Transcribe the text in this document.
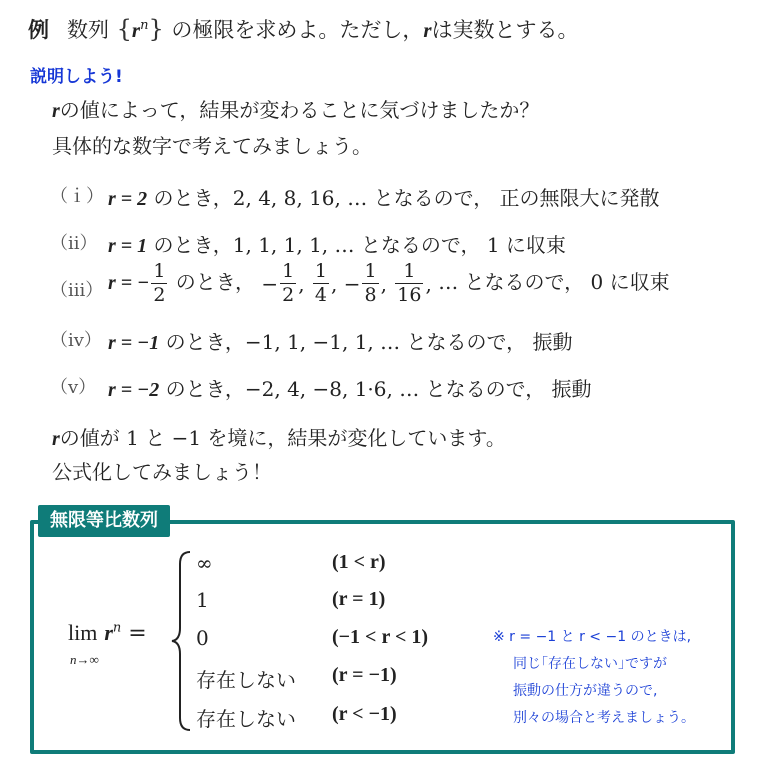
例 数列 $\{r^n\}$ の極限を求めよ。ただし，rは実数とする。
説明しよう!
rの値によって，結果が変わることに気づけましたか？
具体的な数字で考えてみましょう。
（ｉ） r = 2 のとき，2, 4, 8, 16, … となるので， 正の無限大に発散
（ⅱ） r = 1 のとき，1, 1, 1, 1, … となるので， 1 に収束
（ⅲ） r = − $\frac{1}{2}$ のとき， − $\frac{1}{2}$ , $\frac{1}{4}$ , − $\frac{1}{8}$ , $\frac{1}{16}$ , … となるので， 0 に収束
（ⅳ） r = −1 のとき，−1, 1, −1, 1, … となるので， 振動
（ⅴ） r = −2 のとき，−2, 4, −8, 1·6, … となるので， 振動
rの値が 1 と −1 を境に，結果が変化しています。
公式化してみましょう！
無限等比数列
$\lim r^n$ =
n→∞
∞	(1 < r)
1	(r = 1)
0	(−1 < r < 1)
存在しない (r = −1)
存在しない (r < −1)
※ r = −1 と r < −1 のときは,
同じ｢存在しない｣ですが
振動の仕方が違うので,
別々の場合と考えましょう。
